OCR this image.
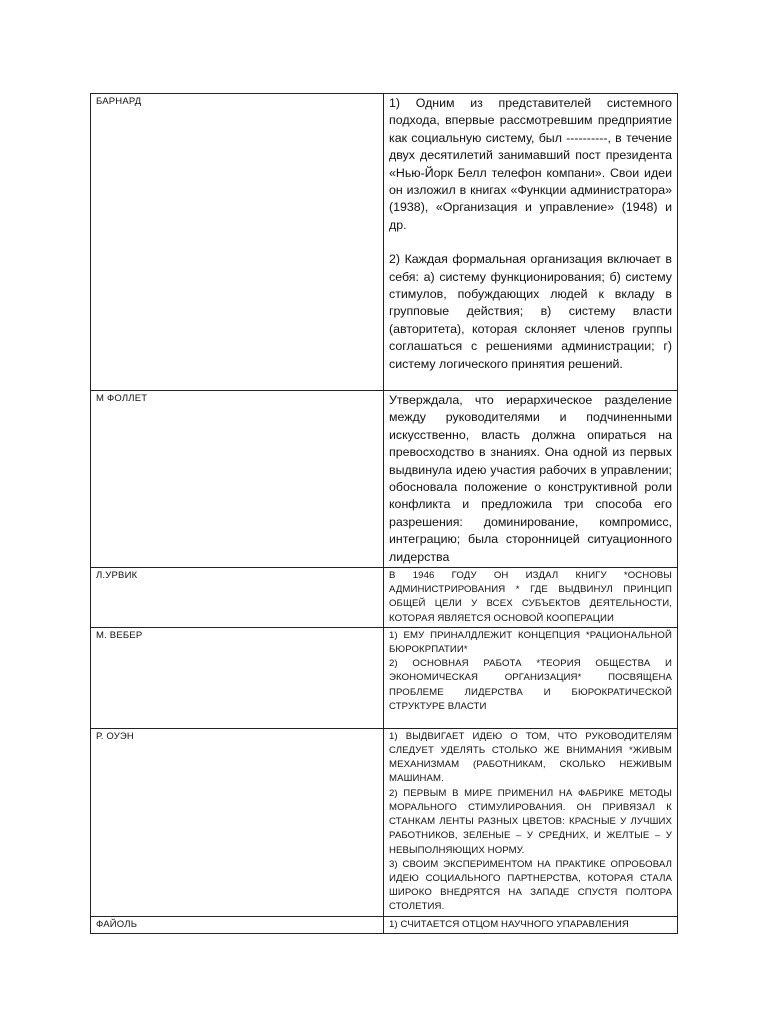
БАРНАРД	1) Одним из представителей системного подхода, впервые рассмотревшим предприятие как социальную систему, был ----------, в течение двух десятилетий занимавший пост президента «Нью-Йорк Белл телефон компани». Свои идеи он изложил в книгах «Функции администратора» (1938), «Организация и управление» (1948) и др.

2) Каждая формальная организация включает в себя: а) систему функционирования; б) систему стимулов, побуждающих людей к вкладу в групповые действия; в) систему власти (авторитета), которая склоняет членов группы соглашаться с решениями администрации; г) систему логического принятия решений.

М ФОЛЛЕТ	Утверждала, что иерархическое разделение между руководителями и подчиненными искусственно, власть должна опираться на превосходство в знаниях. Она одной из первых выдвинула идею участия рабочих в управлении; обосновала положение о конструктивной роли конфликта и предложила три способа его разрешения: доминирование, компромисс, интеграцию; была сторонницей ситуационного лидерства

Л.УРВИК	В 1946 ГОДУ ОН ИЗДАЛ КНИГУ *ОСНОВЫ АДМИНИСТРИРОВАНИЯ * ГДЕ ВЫДВИНУЛ ПРИНЦИП ОБЩЕЙ ЦЕЛИ У ВСЕХ СУБЪЕКТОВ ДЕЯТЕЛЬНОСТИ, КОТОРАЯ ЯВЛЯЕТСЯ ОСНОВОЙ КООПЕРАЦИИ

М. ВЕБЕР	1) ЕМУ ПРИНАЛДЛЕЖИТ КОНЦЕПЦИЯ *РАЦИОНАЛЬНОЙ БЮРОКРПАТИИ*

2) ОСНОВНАЯ РАБОТА *ТЕОРИЯ ОБЩЕСТВА И ЭКОНОМИЧЕСКАЯ ОРГАНИЗАЦИЯ* ПОСВЯЩЕНА ПРОБЛЕМЕ ЛИДЕРСТВА И БЮРОКРАТИЧЕСКОЙ СТРУКТУРЕ ВЛАСТИ

Р. ОУЭН	1) ВЫДВИГАЕТ ИДЕЮ О ТОМ, ЧТО РУКОВОДИТЕЛЯМ СЛЕДУЕТ УДЕЛЯТЬ СТОЛЬКО ЖЕ ВНИМАНИЯ *ЖИВЫМ МЕХАНИЗМАМ (РАБОТНИКАМ, СКОЛЬКО НЕЖИВЫМ МАШИНАМ.

2) ПЕРВЫМ В МИРЕ ПРИМЕНИЛ НА ФАБРИКЕ МЕТОДЫ МОРАЛЬНОГО СТИМУЛИРОВАНИЯ. ОН ПРИВЯЗАЛ К СТАНКАМ ЛЕНТЫ РАЗНЫХ ЦВЕТОВ: КРАСНЫЕ У ЛУЧШИХ РАБОТНИКОВ, ЗЕЛЕНЫЕ – У СРЕДНИХ, И ЖЕЛТЫЕ – У НЕВЫПОЛНЯЮЩИХ НОРМУ.

3) СВОИМ ЭКСПЕРИМЕНТОМ НА ПРАКТИКЕ ОПРОБОВАЛ ИДЕЮ СОЦИАЛЬНОГО ПАРТНЕРСТВА, КОТОРАЯ СТАЛА ШИРОКО ВНЕДРЯТСЯ НА ЗАПАДЕ СПУСТЯ ПОЛТОРА СТОЛЕТИЯ.

ФАЙОЛЬ	1) СЧИТАЕТСЯ ОТЦОМ НАУЧНОГО УПАРАВЛЕНИЯ
